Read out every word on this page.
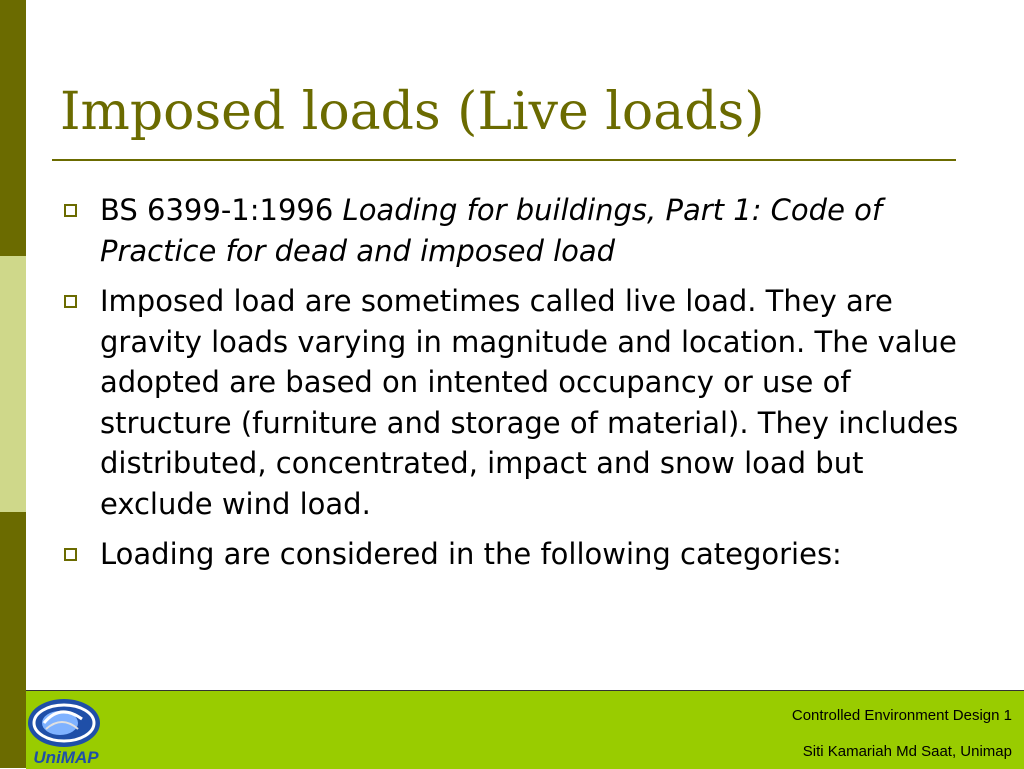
Imposed loads (Live loads)
BS 6399-1:1996 Loading for buildings, Part 1: Code of Practice for dead and imposed load
Imposed load are sometimes called live load. They are gravity loads varying in magnitude and location. The value adopted are based on intented occupancy or use of structure (furniture and storage of material). They includes distributed, concentrated, impact and snow load but exclude wind load.
Loading are considered in the following categories:
UniMAP
Controlled Environment Design 1
Siti Kamariah Md Saat, Unimap
